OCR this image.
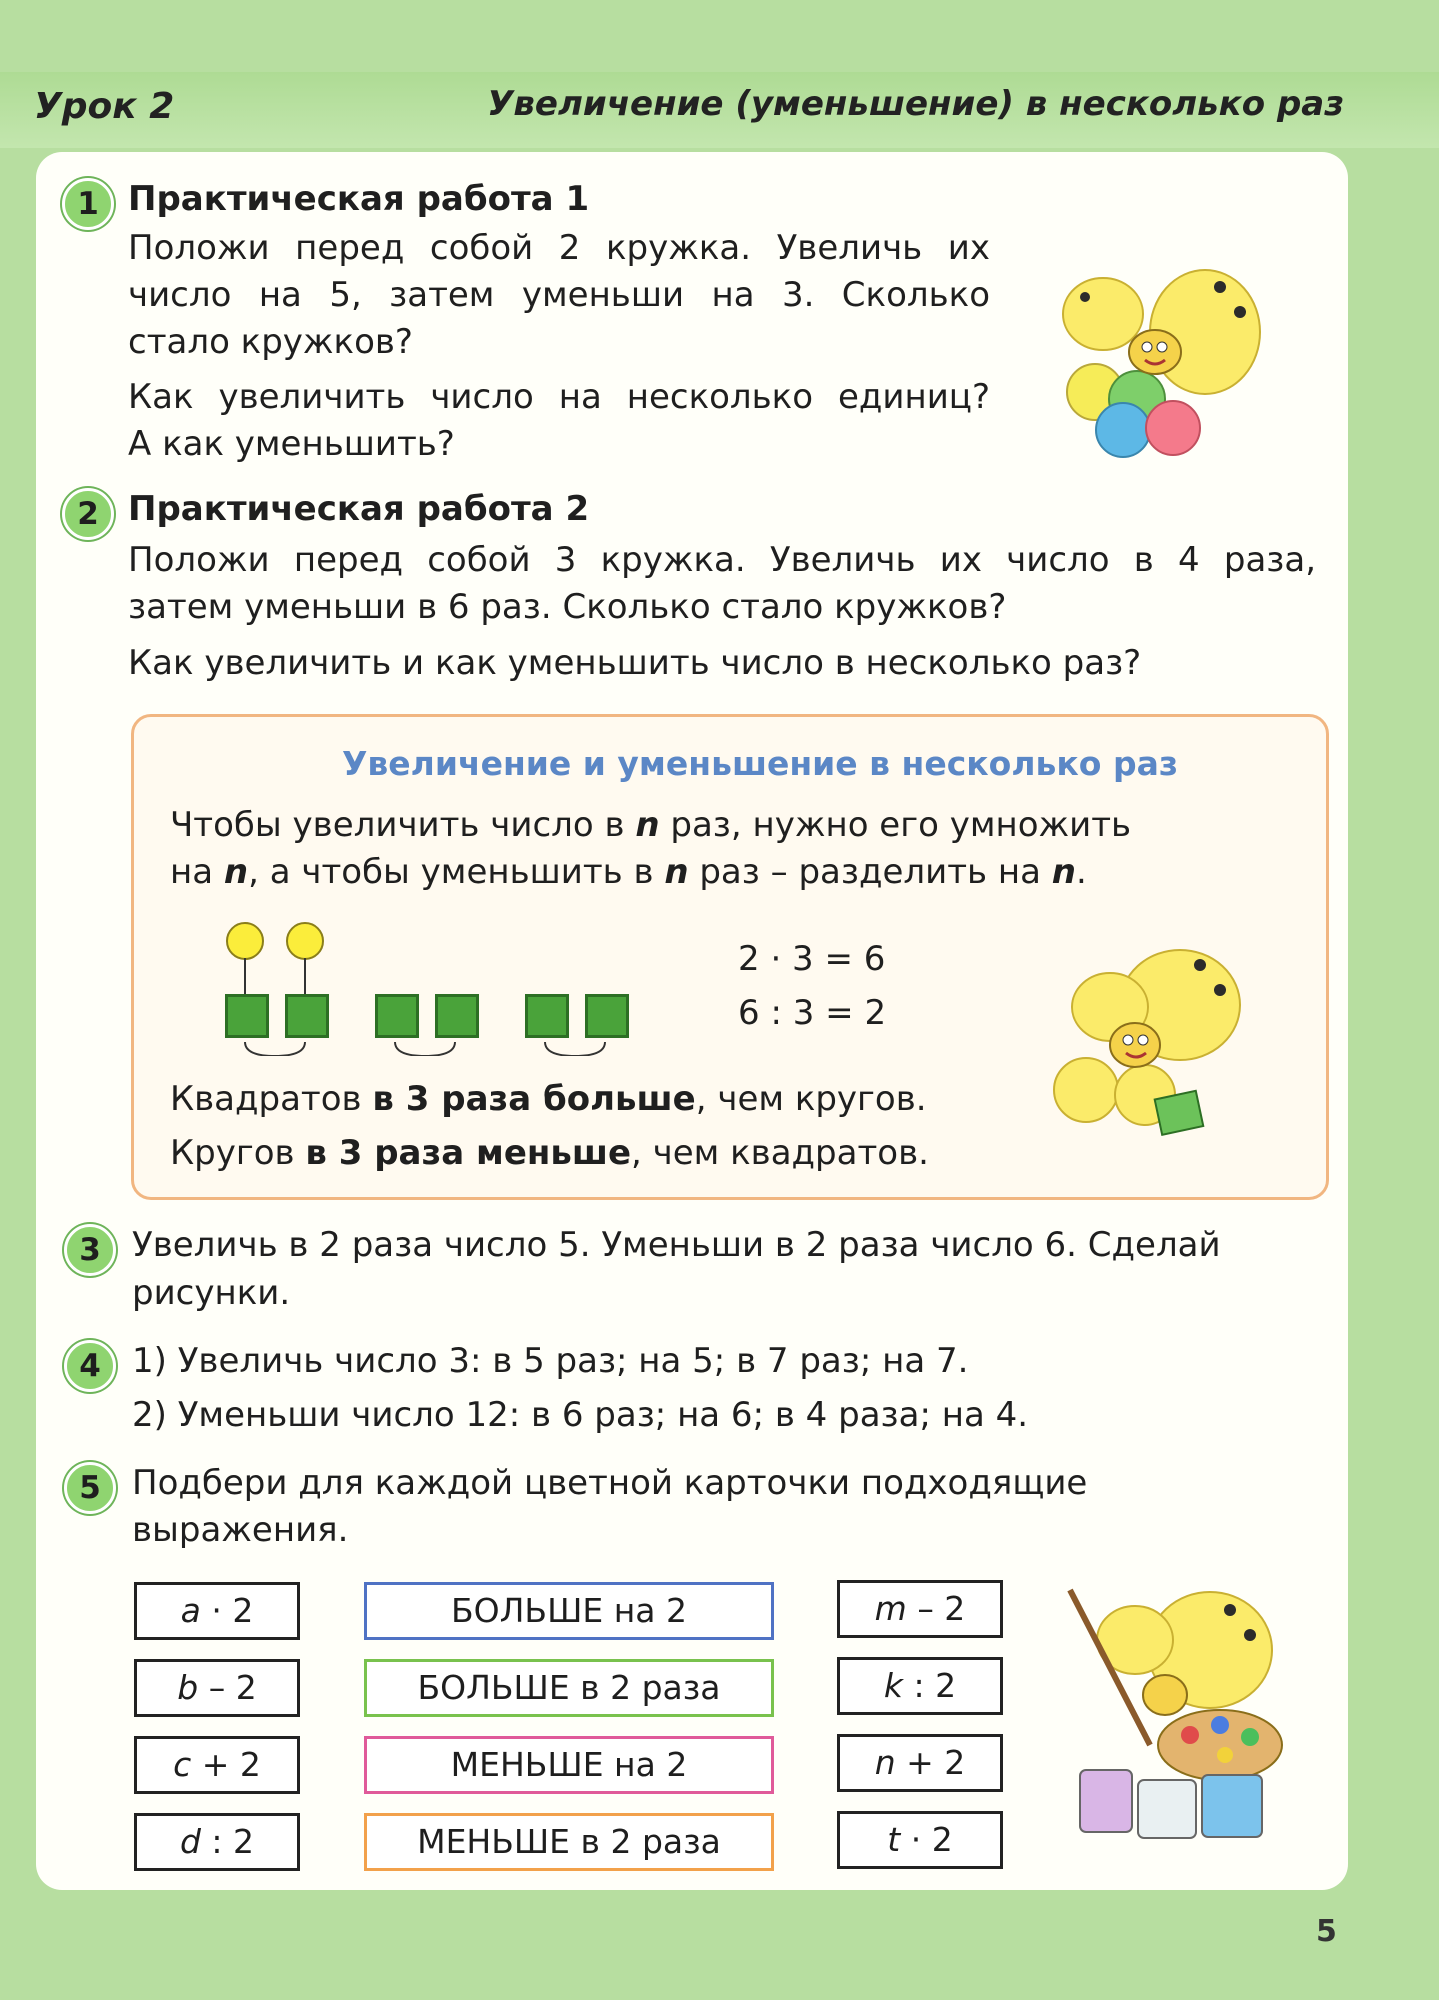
Урок 2	Увеличение (уменьшение) в несколько раз
1 Практическая работа 1
Положи перед собой 2 кружка. Увеличь их
число на 5, затем уменьши на 3. Сколько
стало кружков?
Как увеличить число на несколько единиц?
А как уменьшить?
2 Практическая работа 2
Положи перед собой 3 кружка. Увеличь их число в 4 раза,
затем уменьши в 6 раз. Сколько стало кружков?
Как увеличить и как уменьшить число в несколько раз?
Увеличение и уменьшение в несколько раз
Чтобы увеличить число в n раз, нужно его умножить
на n, а чтобы уменьшить в n раз – разделить на n.
2 · 3 = 6
6 : 3 = 2
Квадратов в 3 раза больше, чем кругов.
Кругов в 3 раза меньше, чем квадратов.
3 Увеличь в 2 раза число 5. Уменьши в 2 раза число 6. Сделай
рисунки.
4 1) Увеличь число 3: в 5 раз; на 5; в 7 раз; на 7.
2) Уменьши число 12: в 6 раз; на 6; в 4 раза; на 4.
5 Подбери для каждой цветной карточки подходящие
выражения.
a · 2
b – 2
c + 2
d : 2
БОЛЬШЕ на 2
БОЛЬШЕ в 2 раза
МЕНЬШЕ на 2
МЕНЬШЕ в 2 раза
m – 2
k : 2
n + 2
t · 2
5
